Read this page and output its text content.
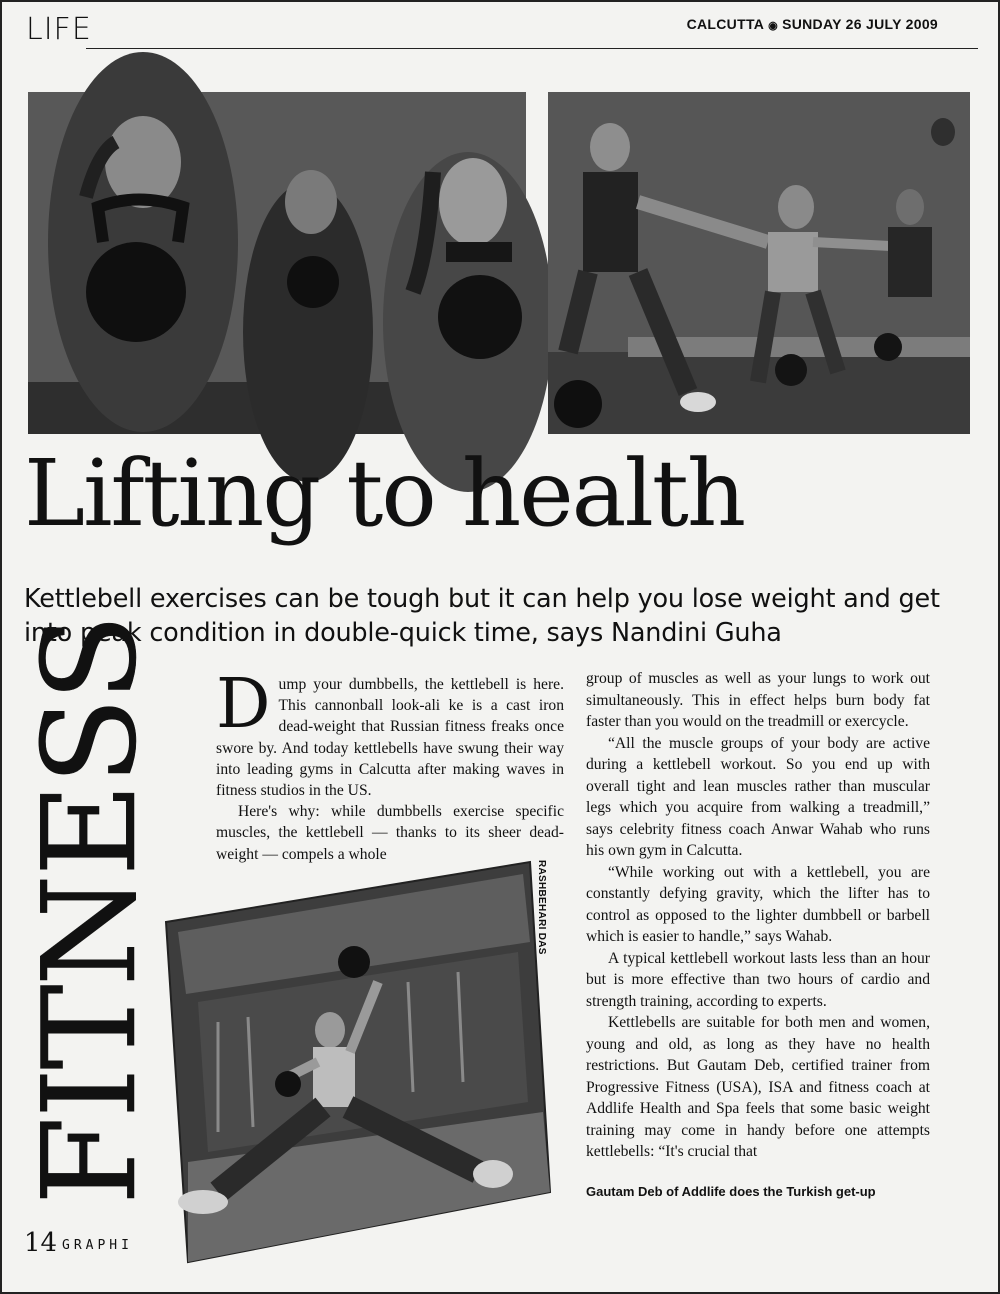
LIFE	CALCUTTA ◉ SUNDAY 26 JULY 2009
Lifting to health
Kettlebell exercises can be tough but it can help you lose weight and get into peak condition in double-quick time, says Nandini Guha
FITNESS Dump your dumbbells, the kettlebell is here. This cannonball look-ali ke is a cast iron dead-weight that Russian fitness freaks once swore by. And today kettlebells have swung their way into leading gyms in Calcutta after making waves in fitness studios in the US.

Here's why: while dumbbells exercise specific muscles, the kettlebell — thanks to its sheer dead-weight — compels a whole

group of muscles as well as your lungs to work out simultaneously. This in effect helps burn body fat faster than you would on the treadmill or exercycle.

“All the muscle groups of your body are active during a kettlebell workout. So you end up with overall tight and lean muscles rather than muscular legs which you acquire from walking a treadmill,” says celebrity fitness coach Anwar Wahab who runs his own gym in Calcutta.

“While working out with a kettlebell, you are constantly defying gravity, which the lifter has to control as opposed to the lighter dumbbell or barbell which is easier to handle,” says Wahab.

A typical kettlebell workout lasts less than an hour but is more effective than two hours of cardio and strength training, according to experts.

Kettlebells are suitable for both men and women, young and old, as long as they have no health restrictions. But Gautam Deb, certified trainer from Progressive Fitness (USA), ISA and fitness coach at Addlife Health and Spa feels that some basic weight training may come in handy before one attempts kettlebells: “It's crucial that

RASHBEHARI DAS
Gautam Deb of Addlife does the Turkish get-up
14 GRAPHI
